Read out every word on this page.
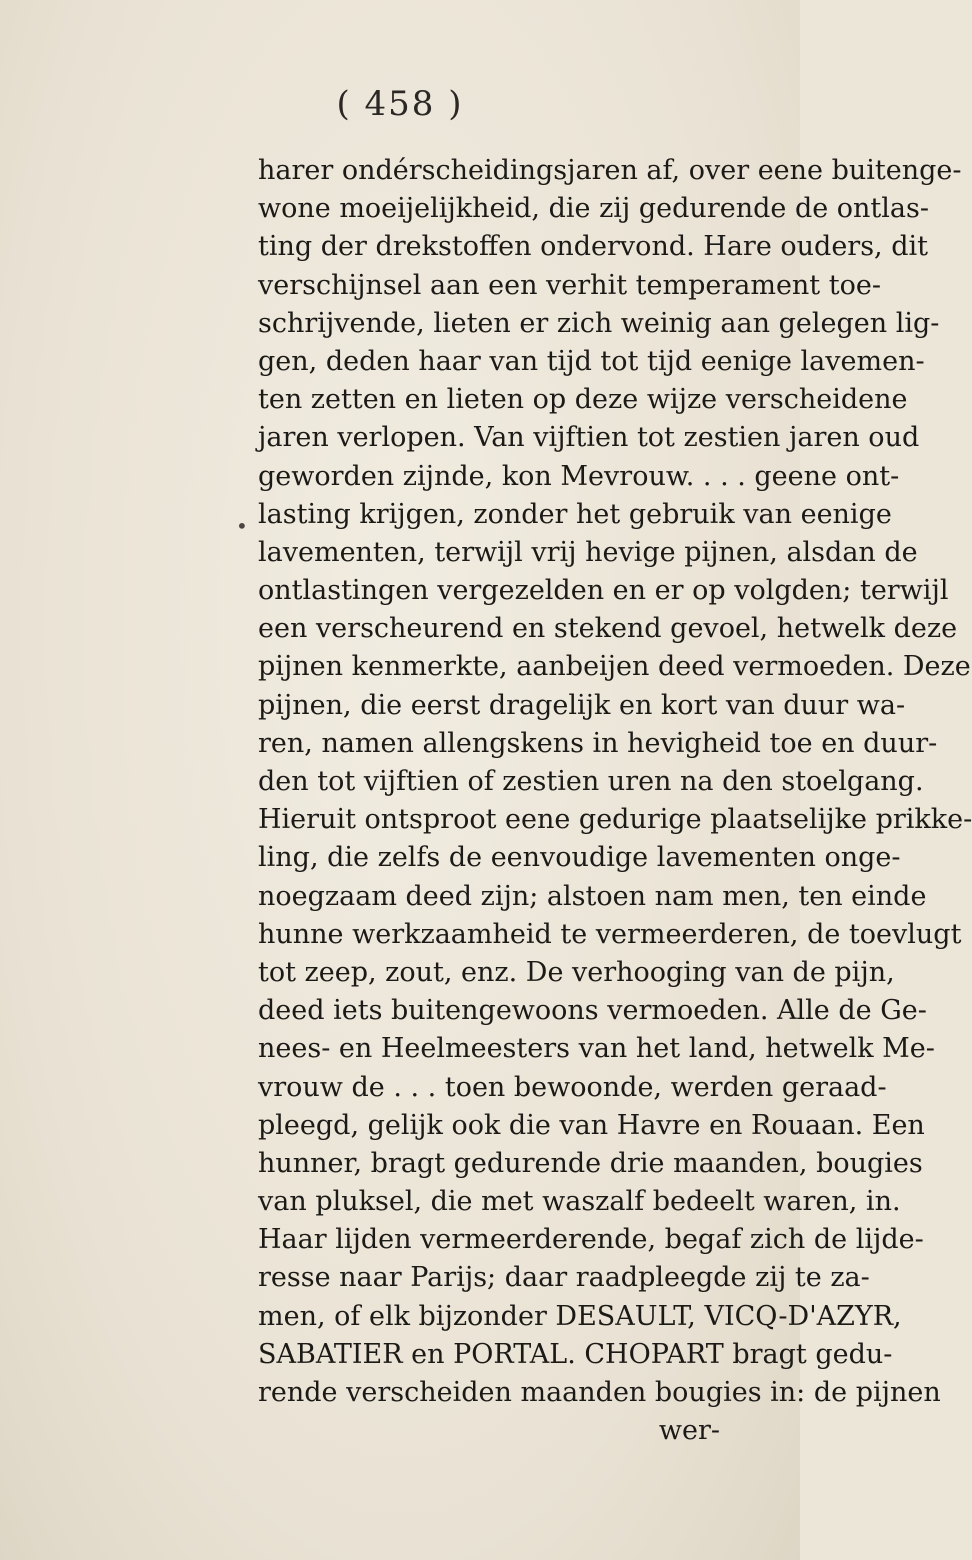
( 458 )
•
harer ondérscheidingsjaren af, over eene buitenge-
wone moeijelijkheid, die zij gedurende de ontlas-
ting der drekstoffen ondervond. Hare ouders, dit
verschijnsel aan een verhit temperament toe-
schrijvende, lieten er zich weinig aan gelegen lig-
gen, deden haar van tijd tot tijd eenige lavemen-
ten zetten en lieten op deze wijze verscheidene
jaren verlopen. Van vijftien tot zestien jaren oud
geworden zijnde, kon Mevrouw. . . . geene ont-
lasting krijgen, zonder het gebruik van eenige
lavementen, terwijl vrij hevige pijnen, alsdan de
ontlastingen vergezelden en er op volgden; terwijl
een verscheurend en stekend gevoel, hetwelk deze
pijnen kenmerkte, aanbeijen deed vermoeden. Deze
pijnen, die eerst dragelijk en kort van duur wa-
ren, namen allengskens in hevigheid toe en duur-
den tot vijftien of zestien uren na den stoelgang.
Hieruit ontsproot eene gedurige plaatselijke prikke-
ling, die zelfs de eenvoudige lavementen onge-
noegzaam deed zijn; alstoen nam men, ten einde
hunne werkzaamheid te vermeerderen, de toevlugt
tot zeep, zout, enz. De verhooging van de pijn,
deed iets buitengewoons vermoeden. Alle de Ge-
nees- en Heelmeesters van het land, hetwelk Me-
vrouw de . . . toen bewoonde, werden geraad-
pleegd, gelijk ook die van Havre en Rouaan. Een
hunner, bragt gedurende drie maanden, bougies
van pluksel, die met waszalf bedeelt waren, in.
Haar lijden vermeerderende, begaf zich de lijde-
resse naar Parijs; daar raadpleegde zij te za-
men, of elk bijzonder DESAULT, VICQ-D'AZYR,
SABATIER en PORTAL. CHOPART bragt gedu-
rende verscheiden maanden bougies in: de pijnen
wer-
